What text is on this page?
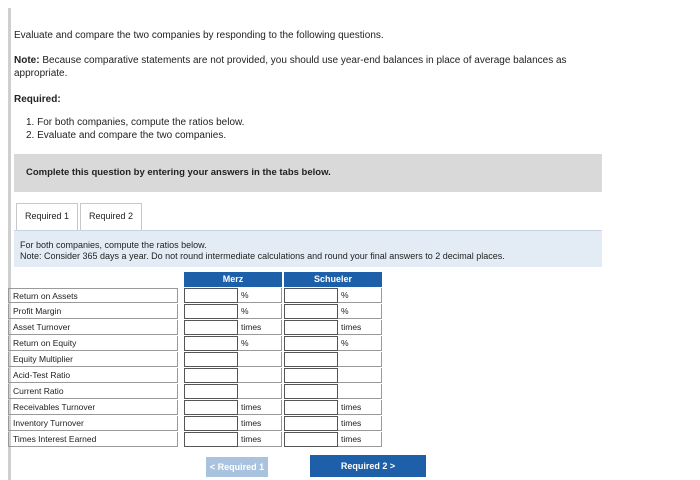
Evaluate and compare the two companies by responding to the following questions.
Note: Because comparative statements are not provided, you should use year-end balances in place of average balances as appropriate.
Required:
1. For both companies, compute the ratios below.
2. Evaluate and compare the two companies.
Complete this question by entering your answers in the tabs below.
Required 1	Required 2
For both companies, compute the ratios below.
Note: Consider 365 days a year. Do not round intermediate calculations and round your final answers to 2 decimal places.
Merz	Schueler
Return on Assets	%	%
Profit Margin	%	%
Asset Turnover	times	times
Return on Equity	%	%
Equity Multiplier
Acid-Test Ratio
Current Ratio
Receivables Turnover	times	times
Inventory Turnover	times	times
Times Interest Earned	times	times
< Required 1	Required 2 >
